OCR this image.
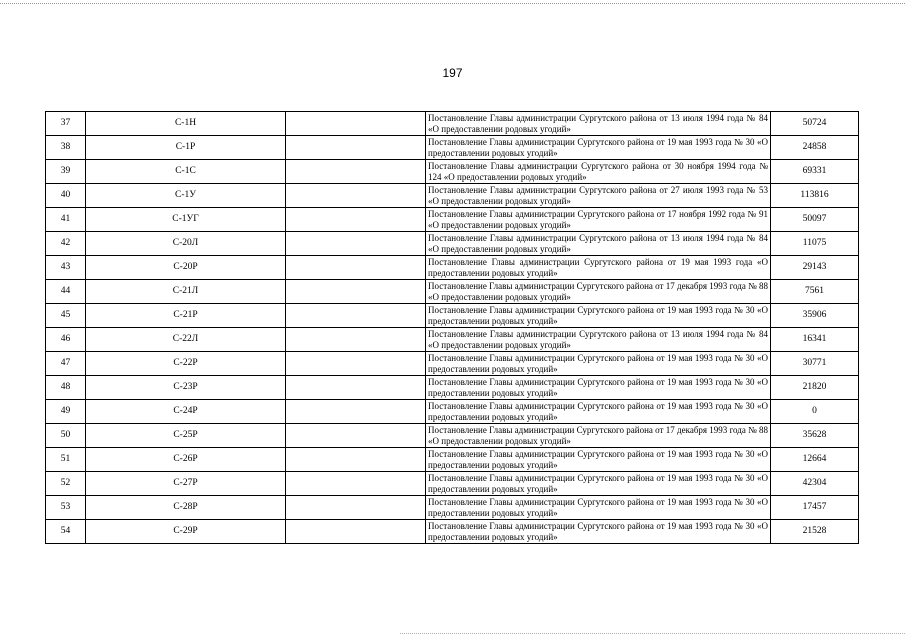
197
37	С-1Н		Постановление Главы администрации Сургутского района от 13 июля 1994 года № 84 «О предоставлении родовых угодий»	50724
38	С-1Р		Постановление Главы администрации Сургутского района от 19 мая 1993 года № 30 «О предоставлении родовых угодий»	24858
39	С-1С		Постановление Главы администрации Сургутского района от 30 ноября 1994 года № 124 «О предоставлении родовых угодий»	69331
40	С-1У		Постановление Главы администрации Сургутского района от 27 июля 1993 года № 53 «О предоставлении родовых угодий»	113816
41	С-1УГ		Постановление Главы администрации Сургутского района от 17 ноября 1992 года № 91 «О предоставлении родовых угодий»	50097
42	С-20Л		Постановление Главы администрации Сургутского района от 13 июля 1994 года № 84 «О предоставлении родовых угодий»	11075
43	С-20Р		Постановление Главы администрации Сургутского района от 19 мая 1993 года «О предоставлении родовых угодий»	29143
44	С-21Л		Постановление Главы администрации Сургутского района от 17 декабря 1993 года № 88 «О предоставлении родовых угодий»	7561
45	С-21Р		Постановление Главы администрации Сургутского района от 19 мая 1993 года № 30 «О предоставлении родовых угодий»	35906
46	С-22Л		Постановление Главы администрации Сургутского района от 13 июля 1994 года № 84 «О предоставлении родовых угодий»	16341
47	С-22Р		Постановление Главы администрации Сургутского района от 19 мая 1993 года № 30 «О предоставлении родовых угодий»	30771
48	С-23Р		Постановление Главы администрации Сургутского района от 19 мая 1993 года № 30 «О предоставлении родовых угодий»	21820
49	С-24Р		Постановление Главы администрации Сургутского района от 19 мая 1993 года № 30 «О предоставлении родовых угодий»	0
50	С-25Р		Постановление Главы администрации Сургутского района от 17 декабря 1993 года № 88 «О предоставлении родовых угодий»	35628
51	С-26Р		Постановление Главы администрации Сургутского района от 19 мая 1993 года № 30 «О предоставлении родовых угодий»	12664
52	С-27Р		Постановление Главы администрации Сургутского района от 19 мая 1993 года № 30 «О предоставлении родовых угодий»	42304
53	С-28Р		Постановление Главы администрации Сургутского района от 19 мая 1993 года № 30 «О предоставлении родовых угодий»	17457
54	С-29Р		Постановление Главы администрации Сургутского района от 19 мая 1993 года № 30 «О предоставлении родовых угодий»	21528
